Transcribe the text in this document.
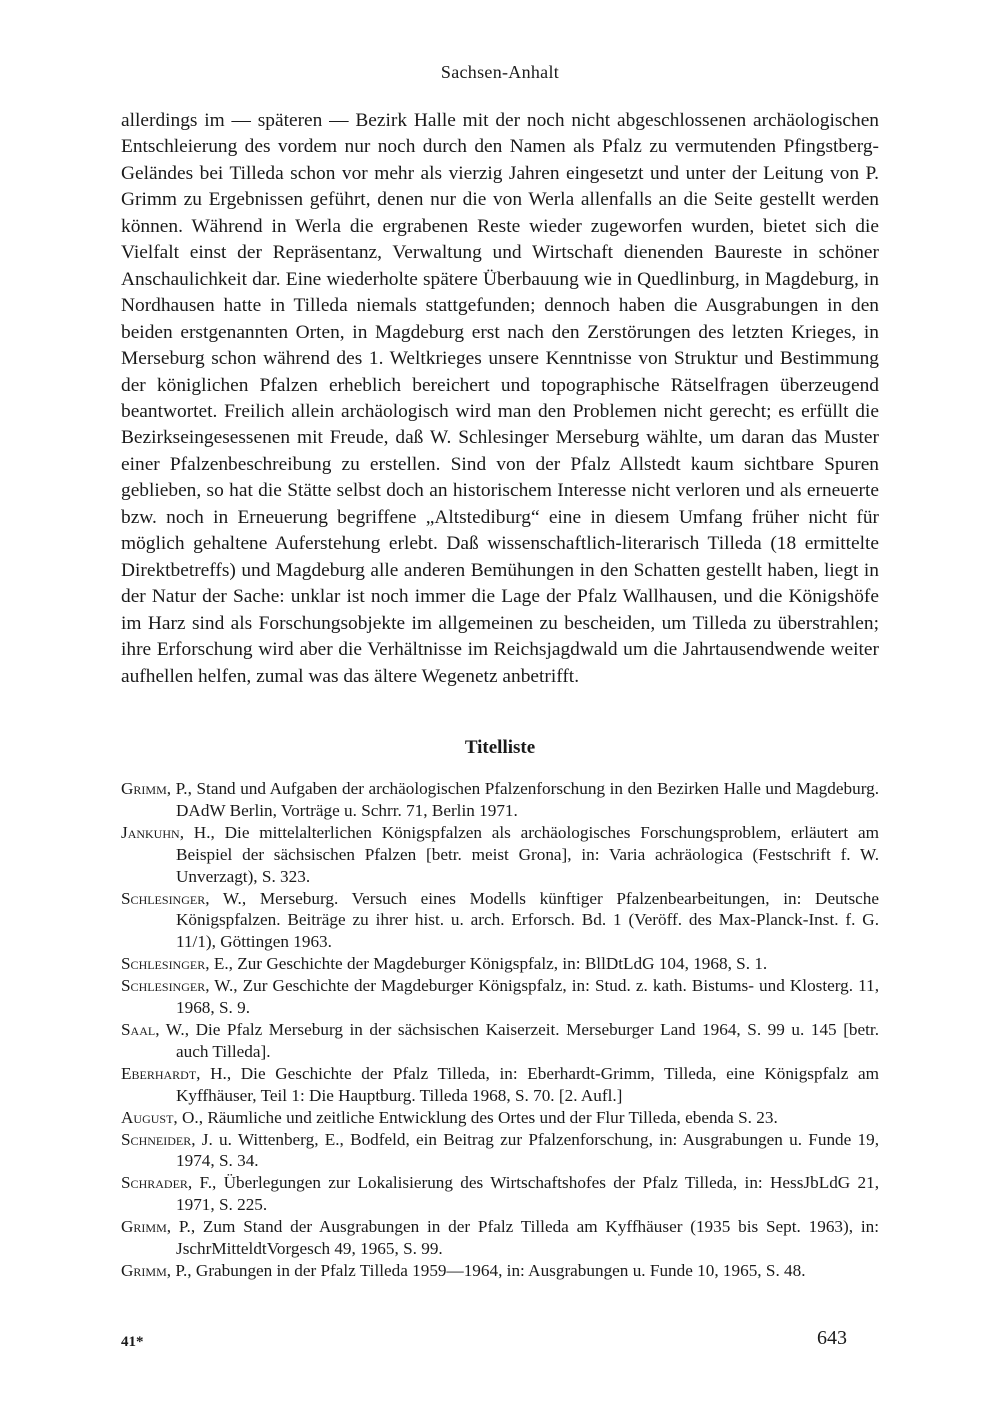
Sachsen-Anhalt

allerdings im — späteren — Bezirk Halle mit der noch nicht abgeschlossenen archäologischen Entschleierung des vordem nur noch durch den Namen als Pfalz zu vermutenden Pfingstberg-Geländes bei Tilleda schon vor mehr als vierzig Jahren eingesetzt und unter der Leitung von P. Grimm zu Ergebnissen geführt, denen nur die von Werla allenfalls an die Seite gestellt werden können. Während in Werla die ergrabenen Reste wieder zugeworfen wurden, bietet sich die Vielfalt einst der Repräsentanz, Verwaltung und Wirtschaft dienenden Baureste in schöner Anschaulichkeit dar. Eine wiederholte spätere Überbauung wie in Quedlinburg, in Magdeburg, in Nordhausen hatte in Tilleda niemals stattgefunden; dennoch haben die Ausgrabungen in den beiden erstgenannten Orten, in Magdeburg erst nach den Zerstörungen des letzten Krieges, in Merseburg schon während des 1. Weltkrieges unsere Kenntnisse von Struktur und Bestimmung der königlichen Pfalzen erheblich bereichert und topographische Rätselfragen überzeugend beantwortet. Freilich allein archäologisch wird man den Problemen nicht gerecht; es erfüllt die Bezirkseingesessenen mit Freude, daß W. Schlesinger Merseburg wählte, um daran das Muster einer Pfalzenbeschreibung zu erstellen. Sind von der Pfalz Allstedt kaum sichtbare Spuren geblieben, so hat die Stätte selbst doch an historischem Interesse nicht verloren und als erneuerte bzw. noch in Erneuerung begriffene „Altstediburg“ eine in diesem Umfang früher nicht für möglich gehaltene Auferstehung erlebt. Daß wissenschaftlich-literarisch Tilleda (18 ermittelte Direktbetreffs) und Magdeburg alle anderen Bemühungen in den Schatten gestellt haben, liegt in der Natur der Sache: unklar ist noch immer die Lage der Pfalz Wallhausen, und die Königshöfe im Harz sind als Forschungsobjekte im allgemeinen zu bescheiden, um Tilleda zu überstrahlen; ihre Erforschung wird aber die Verhältnisse im Reichsjagdwald um die Jahrtausendwende weiter aufhellen helfen, zumal was das ältere Wegenetz anbetrifft.

Titelliste
Grimm, P., Stand und Aufgaben der archäologischen Pfalzenforschung in den Bezirken Halle und Magdeburg. DAdW Berlin, Vorträge u. Schrr. 71, Berlin 1971.
Jankuhn, H., Die mittelalterlichen Königspfalzen als archäologisches Forschungsproblem, erläutert am Beispiel der sächsischen Pfalzen [betr. meist Grona], in: Varia achräologica (Festschrift f. W. Unverzagt), S. 323.
Schlesinger, W., Merseburg. Versuch eines Modells künftiger Pfalzenbearbeitungen, in: Deutsche Königspfalzen. Beiträge zu ihrer hist. u. arch. Erforsch. Bd. 1 (Veröff. des Max-Planck-Inst. f. G. 11/1), Göttingen 1963.
Schlesinger, E., Zur Geschichte der Magdeburger Königspfalz, in: BllDtLdG 104, 1968, S. 1.
Schlesinger, W., Zur Geschichte der Magdeburger Königspfalz, in: Stud. z. kath. Bistums- und Klosterg. 11, 1968, S. 9.
Saal, W., Die Pfalz Merseburg in der sächsischen Kaiserzeit. Merseburger Land 1964, S. 99 u. 145 [betr. auch Tilleda].
Eberhardt, H., Die Geschichte der Pfalz Tilleda, in: Eberhardt-Grimm, Tilleda, eine Königspfalz am Kyffhäuser, Teil 1: Die Hauptburg. Tilleda 1968, S. 70. [2. Aufl.]
August, O., Räumliche und zeitliche Entwicklung des Ortes und der Flur Tilleda, ebenda S. 23.
Schneider, J. u. Wittenberg, E., Bodfeld, ein Beitrag zur Pfalzenforschung, in: Ausgrabungen u. Funde 19, 1974, S. 34.
Schrader, F., Überlegungen zur Lokalisierung des Wirtschaftshofes der Pfalz Tilleda, in: HessJbLdG 21, 1971, S. 225.
Grimm, P., Zum Stand der Ausgrabungen in der Pfalz Tilleda am Kyffhäuser (1935 bis Sept. 1963), in: JschrMitteldtVorgesch 49, 1965, S. 99.
Grimm, P., Grabungen in der Pfalz Tilleda 1959—1964, in: Ausgrabungen u. Funde 10, 1965, S. 48.
41*	643
